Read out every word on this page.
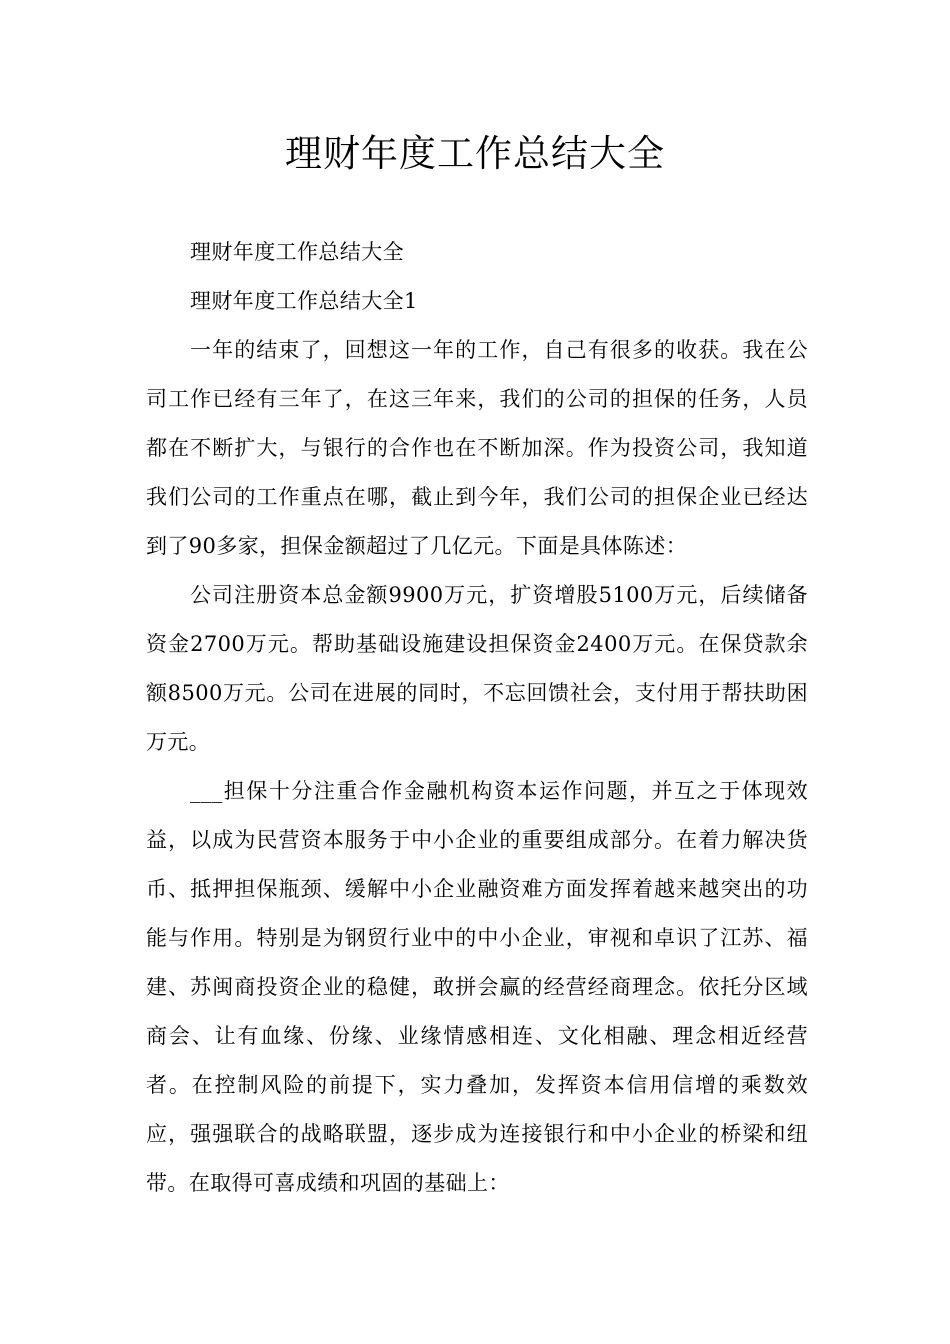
理财年度工作总结大全

理财年度工作总结大全

理财年度工作总结大全1

一年的结束了，回想这一年的工作，自己有很多的收获。我在公司工作已经有三年了，在这三年来，我们的公司的担保的任务，人员都在不断扩大，与银行的合作也在不断加深。作为投资公司，我知道我们公司的工作重点在哪，截止到今年，我们公司的担保企业已经达到了90多家，担保金额超过了几亿元。下面是具体陈述：

公司注册资本总金额9900万元，扩资增股5100万元，后续储备资金2700万元。帮助基础设施建设担保资金2400万元。在保贷款余额8500万元。公司在进展的同时，不忘回馈社会，支付用于帮扶助困万元。

___担保十分注重合作金融机构资本运作问题，并互之于体现效益，以成为民营资本服务于中小企业的重要组成部分。在着力解决货币、抵押担保瓶颈、缓解中小企业融资难方面发挥着越来越突出的功能与作用。特别是为钢贸行业中的中小企业，审视和卓识了江苏、福建、苏闽商投资企业的稳健，敢拼会赢的经营经商理念。依托分区域商会、让有血缘、份缘、业缘情感相连、文化相融、理念相近经营者。在控制风险的前提下，实力叠加，发挥资本信用信增的乘数效应，强强联合的战略联盟，逐步成为连接银行和中小企业的桥梁和纽带。在取得可喜成绩和巩固的基础上：
